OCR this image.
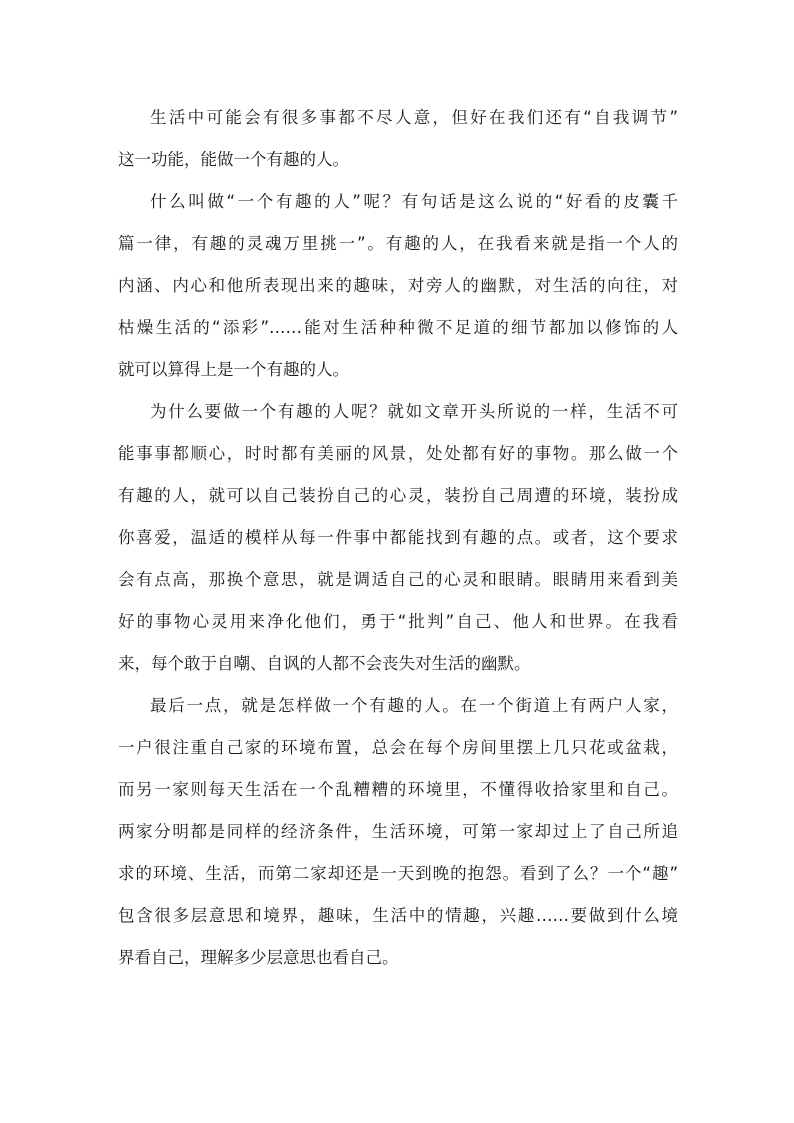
生活中可能会有很多事都不尽人意，但好在我们还有“自我调节”
这一功能，能做一个有趣的人。
什么叫做“一个有趣的人”呢？有句话是这么说的“好看的皮囊千
篇一律，有趣的灵魂万里挑一”。有趣的人，在我看来就是指一个人的
内涵、内心和他所表现出来的趣味，对旁人的幽默，对生活的向往，对
枯燥生活的“添彩”……能对生活种种微不足道的细节都加以修饰的人
就可以算得上是一个有趣的人。
为什么要做一个有趣的人呢？就如文章开头所说的一样，生活不可
能事事都顺心，时时都有美丽的风景，处处都有好的事物。那么做一个
有趣的人，就可以自己装扮自己的心灵，装扮自己周遭的环境，装扮成
你喜爱，温适的模样从每一件事中都能找到有趣的点。或者，这个要求
会有点高，那换个意思，就是调适自己的心灵和眼睛。眼睛用来看到美
好的事物心灵用来净化他们，勇于“批判”自己、他人和世界。在我看
来，每个敢于自嘲、自讽的人都不会丧失对生活的幽默。
最后一点，就是怎样做一个有趣的人。在一个街道上有两户人家，
一户很注重自己家的环境布置，总会在每个房间里摆上几只花或盆栽，
而另一家则每天生活在一个乱糟糟的环境里，不懂得收拾家里和自己。
两家分明都是同样的经济条件，生活环境，可第一家却过上了自己所追
求的环境、生活，而第二家却还是一天到晚的抱怨。看到了么？一个“趣”
包含很多层意思和境界，趣味，生活中的情趣，兴趣……要做到什么境
界看自己，理解多少层意思也看自己。
